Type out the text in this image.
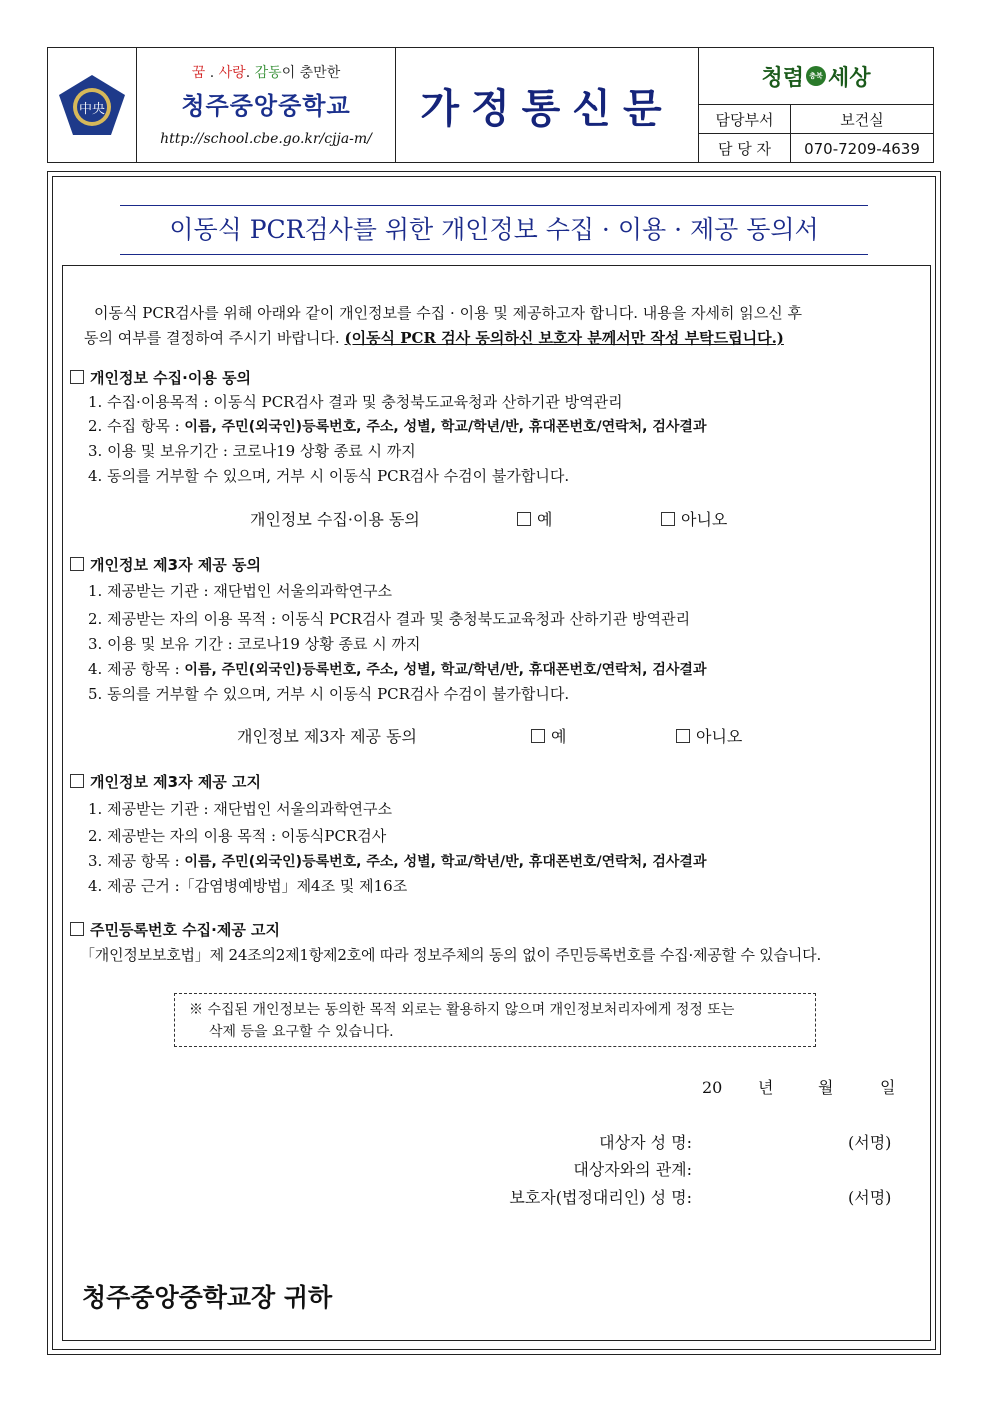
中央
꿈 . 사랑. 감동이 충만한
청주중앙중학교
http://school.cbe.go.kr/cjja-m/
가정통신문
청렴 충북 세상
담당부서	보건실
담 당 자	070-7209-4639
이동식 PCR검사를 위한 개인정보 수집 · 이용 · 제공 동의서

이동식 PCR검사를 위해 아래와 같이 개인정보를 수집 · 이용 및 제공하고자 합니다. 내용을 자세히 읽으신 후

동의 여부를 결정하여 주시기 바랍니다. (이동식 PCR 검사 동의하신 보호자 분께서만 작성 부탁드립니다.)
개인정보 수집·이용 동의
1. 수집·이용목적 : 이동식 PCR검사 결과 및 충청북도교육청과 산하기관 방역관리
2. 수집 항목 : 이름, 주민(외국인)등록번호, 주소, 성별, 학교/학년/반, 휴대폰번호/연락처, 검사결과
3. 이용 및 보유기간 : 코로나19 상황 종료 시 까지
4. 동의를 거부할 수 있으며, 거부 시 이동식 PCR검사 수검이 불가합니다.
개인정보 수집·이용 동의	예	아니오
개인정보 제3자 제공 동의
1. 제공받는 기관 : 재단법인 서울의과학연구소
2. 제공받는 자의 이용 목적 : 이동식 PCR검사 결과 및 충청북도교육청과 산하기관 방역관리
3. 이용 및 보유 기간 : 코로나19 상황 종료 시 까지
4. 제공 항목 : 이름, 주민(외국인)등록번호, 주소, 성별, 학교/학년/반, 휴대폰번호/연락처, 검사결과
5. 동의를 거부할 수 있으며, 거부 시 이동식 PCR검사 수검이 불가합니다.
개인정보 제3자 제공 동의	예	아니오
개인정보 제3자 제공 고지
1. 제공받는 기관 : 재단법인 서울의과학연구소
2. 제공받는 자의 이용 목적 : 이동식PCR검사
3. 제공 항목 : 이름, 주민(외국인)등록번호, 주소, 성별, 학교/학년/반, 휴대폰번호/연락처, 검사결과
4. 제공 근거 :「감염병예방법」제4조 및 제16조
주민등록번호 수집·제공 고지
「개인정보보호법」제 24조의2제1항제2호에 따라 정보주체의 동의 없이 주민등록번호를 수집·제공할 수 있습니다.
※ 수집된 개인정보는 동의한 목적 외로는 활용하지 않으며 개인정보처리자에게 정정 또는
삭제 등을 요구할 수 있습니다.
20 년	월	일
대상자 성 명:	(서명)
대상자와의 관계:
보호자(법정대리인) 성 명:	(서명)
청주중앙중학교장 귀하
